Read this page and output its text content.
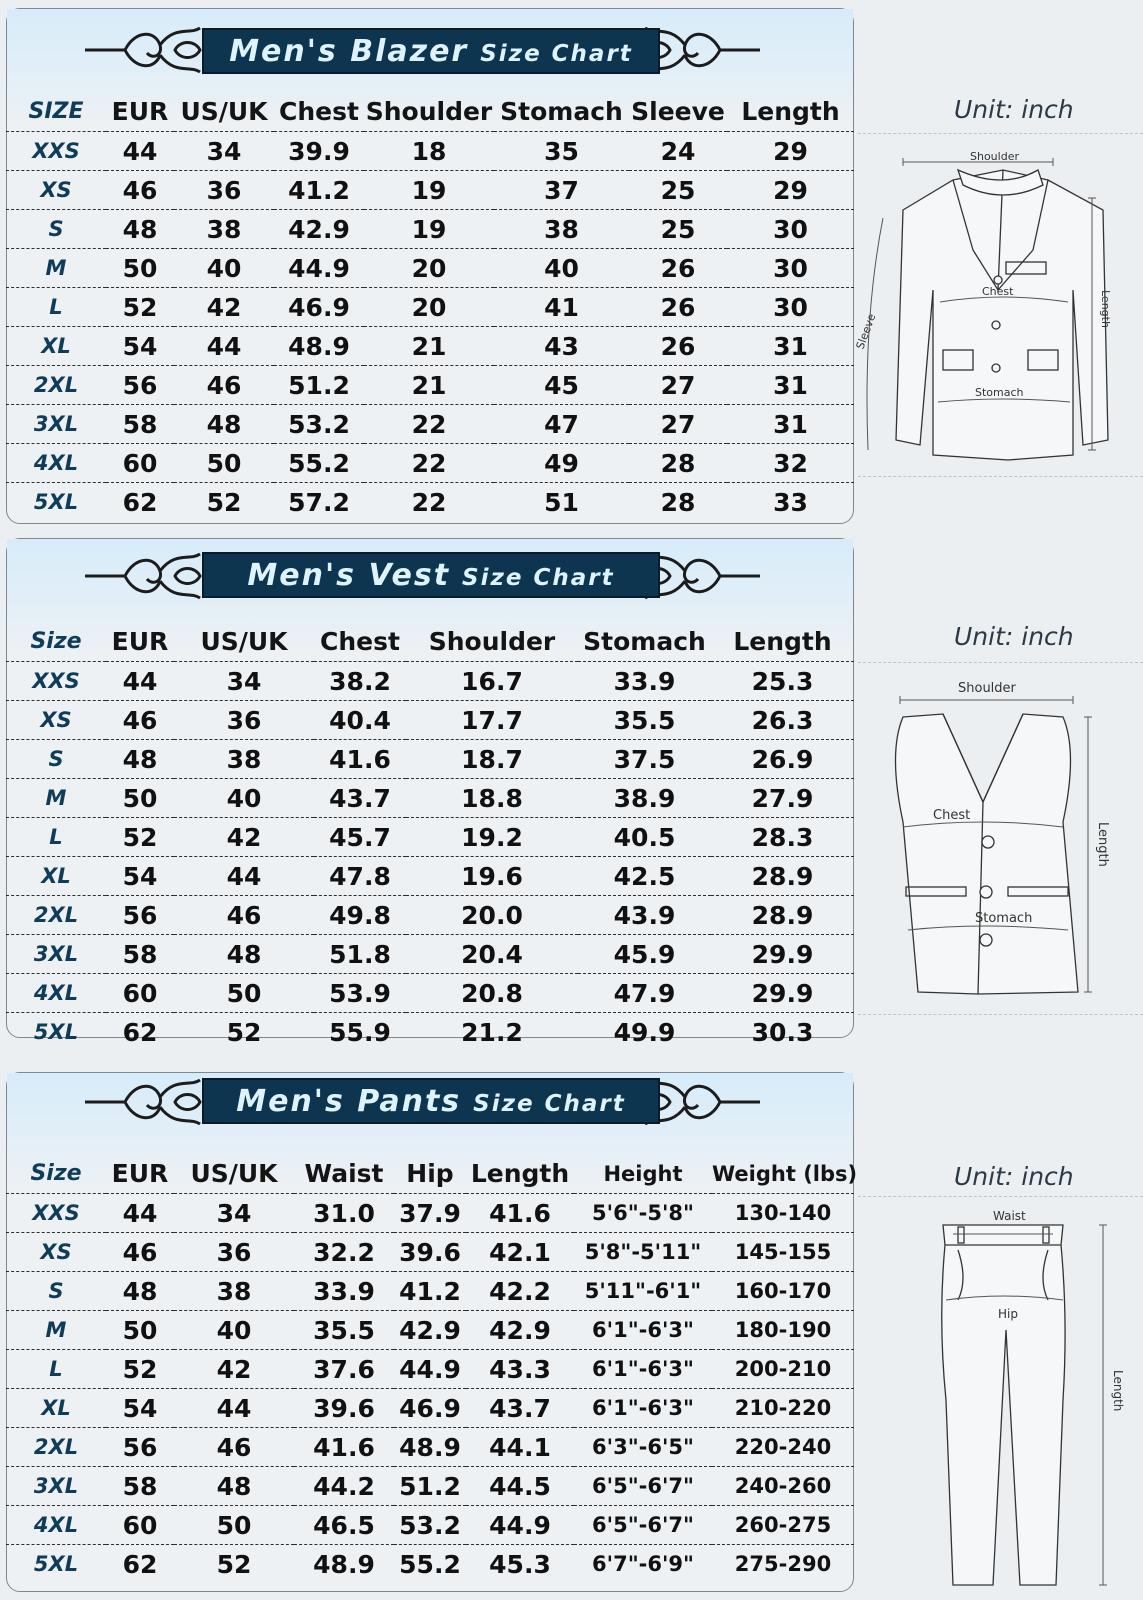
Men's Blazer Size Chart
SIZE	EUR	US/UK	Chest	Shoulder	Stomach	Sleeve	Length
XXS	44	34	39.9	18	35	24	29
XS	46	36	41.2	19	37	25	29
S	48	38	42.9	19	38	25	30
M	50	40	44.9	20	40	26	30
L	52	42	46.9	20	41	26	30
XL	54	44	48.9	21	43	26	31
2XL	56	46	51.2	21	45	27	31
3XL	58	48	53.2	22	47	27	31
4XL	60	50	55.2	22	49	28	32
5XL	62	52	57.2	22	51	28	33
Unit: inch
Shoulder
Chest
Stomach
Length
Sleeve
Men's Vest Size Chart
Size	EUR	US/UK	Chest	Shoulder	Stomach	Length
XXS	44	34	38.2	16.7	33.9	25.3
XS	46	36	40.4	17.7	35.5	26.3
S	48	38	41.6	18.7	37.5	26.9
M	50	40	43.7	18.8	38.9	27.9
L	52	42	45.7	19.2	40.5	28.3
XL	54	44	47.8	19.6	42.5	28.9
2XL	56	46	49.8	20.0	43.9	28.9
3XL	58	48	51.8	20.4	45.9	29.9
4XL	60	50	53.9	20.8	47.9	29.9
5XL	62	52	55.9	21.2	49.9	30.3
Unit: inch
Shoulder
Chest
Stomach
Length
Men's Pants Size Chart
Size	EUR	US/UK	Waist	Hip	Length	Height	Weight (lbs)
XXS	44	34	31.0	37.9	41.6	5'6"-5'8"	130-140
XS	46	36	32.2	39.6	42.1	5'8"-5'11"	145-155
S	48	38	33.9	41.2	42.2	5'11"-6'1"	160-170
M	50	40	35.5	42.9	42.9	6'1"-6'3"	180-190
L	52	42	37.6	44.9	43.3	6'1"-6'3"	200-210
XL	54	44	39.6	46.9	43.7	6'1"-6'3"	210-220
2XL	56	46	41.6	48.9	44.1	6'3"-6'5"	220-240
3XL	58	48	44.2	51.2	44.5	6'5"-6'7"	240-260
4XL	60	50	46.5	53.2	44.9	6'5"-6'7"	260-275
5XL	62	52	48.9	55.2	45.3	6'7"-6'9"	275-290
Unit: inch
Waist
Hip
Length
